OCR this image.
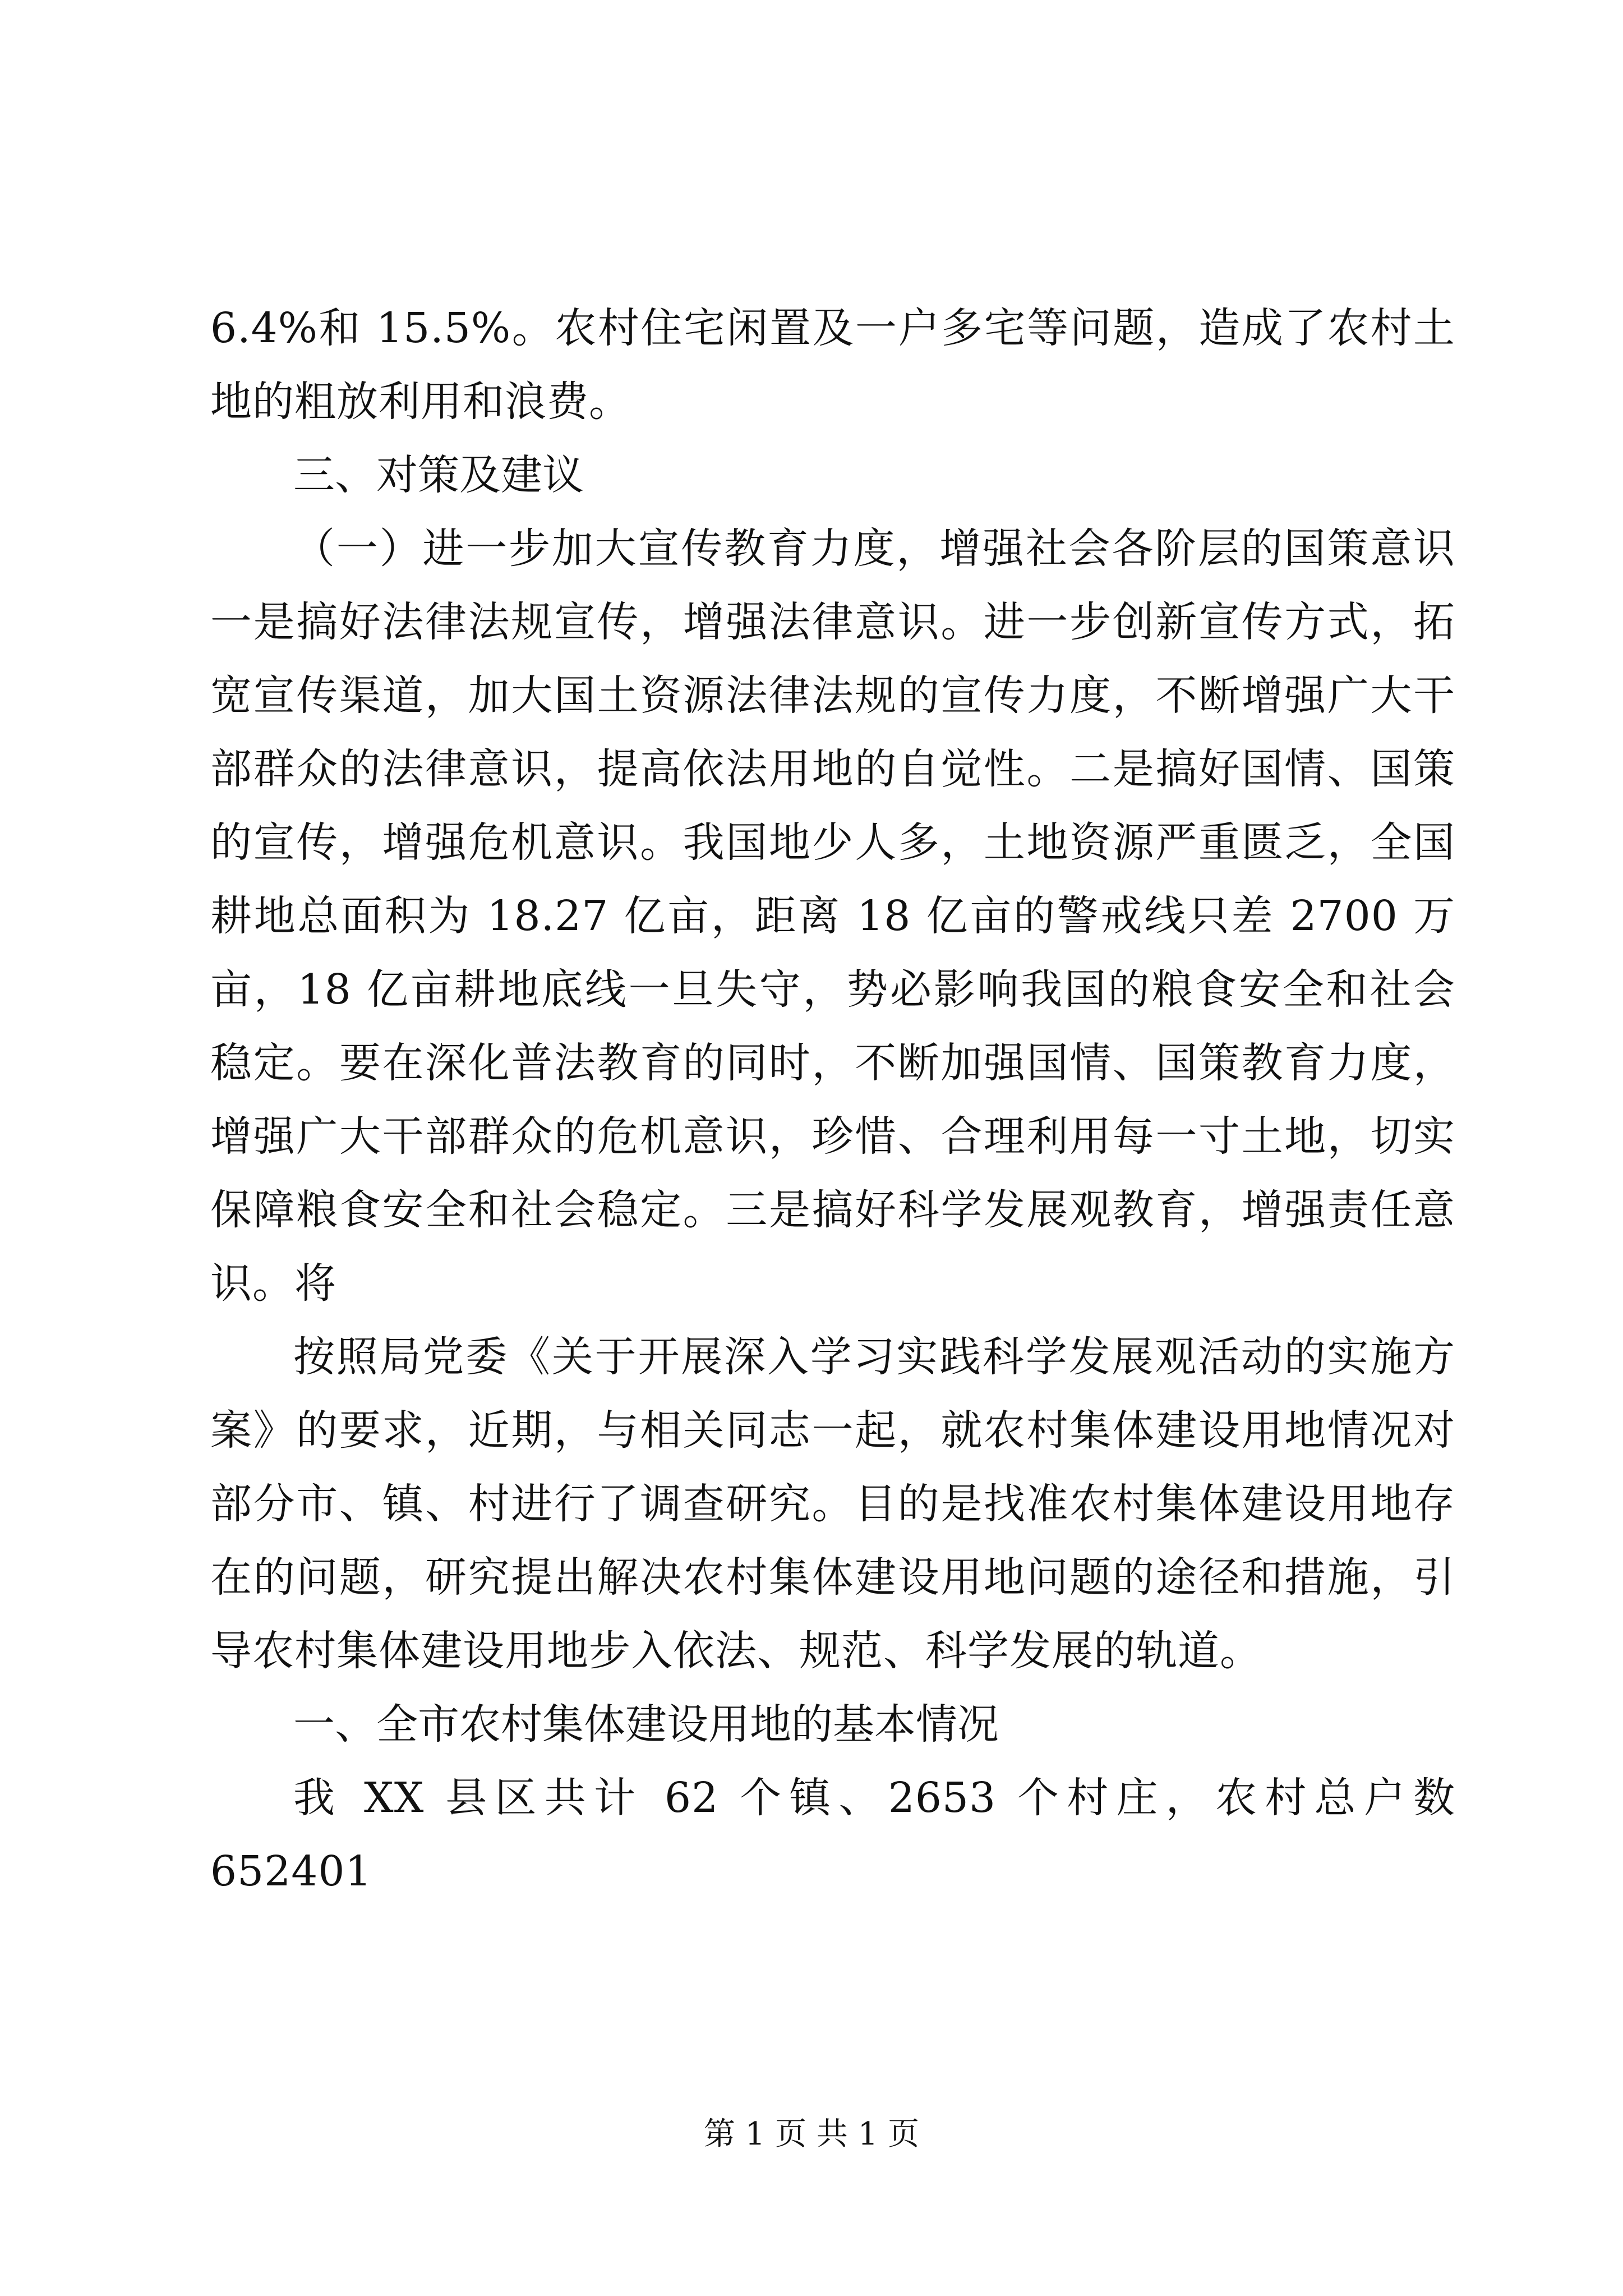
6.4%和 15.5%。农村住宅闲置及一户多宅等问题，造成了农村土地的粗放利用和浪费。

三、对策及建议

（一）进一步加大宣传教育力度，增强社会各阶层的国策意识一是搞好法律法规宣传，增强法律意识。进一步创新宣传方式，拓宽宣传渠道，加大国土资源法律法规的宣传力度，不断增强广大干部群众的法律意识，提高依法用地的自觉性。二是搞好国情、国策的宣传，增强危机意识。我国地少人多，土地资源严重匮乏，全国耕地总面积为 18.27 亿亩，距离 18 亿亩的警戒线只差 2700 万亩，18 亿亩耕地底线一旦失守，势必影响我国的粮食安全和社会稳定。要在深化普法教育的同时，不断加强国情、国策教育力度，增强广大干部群众的危机意识，珍惜、合理利用每一寸土地，切实保障粮食安全和社会稳定。三是搞好科学发展观教育，增强责任意识。将

按照局党委《关于开展深入学习实践科学发展观活动的实施方案》的要求，近期，与相关同志一起，就农村集体建设用地情况对部分市、镇、村进行了调查研究。目的是找准农村集体建设用地存在的问题，研究提出解决农村集体建设用地问题的途径和措施，引导农村集体建设用地步入依法、规范、科学发展的轨道。

一、全市农村集体建设用地的基本情况

我 XX 县区共计 62 个镇、2653 个村庄，农村总户数 652401

第 1 页 共 1 页
